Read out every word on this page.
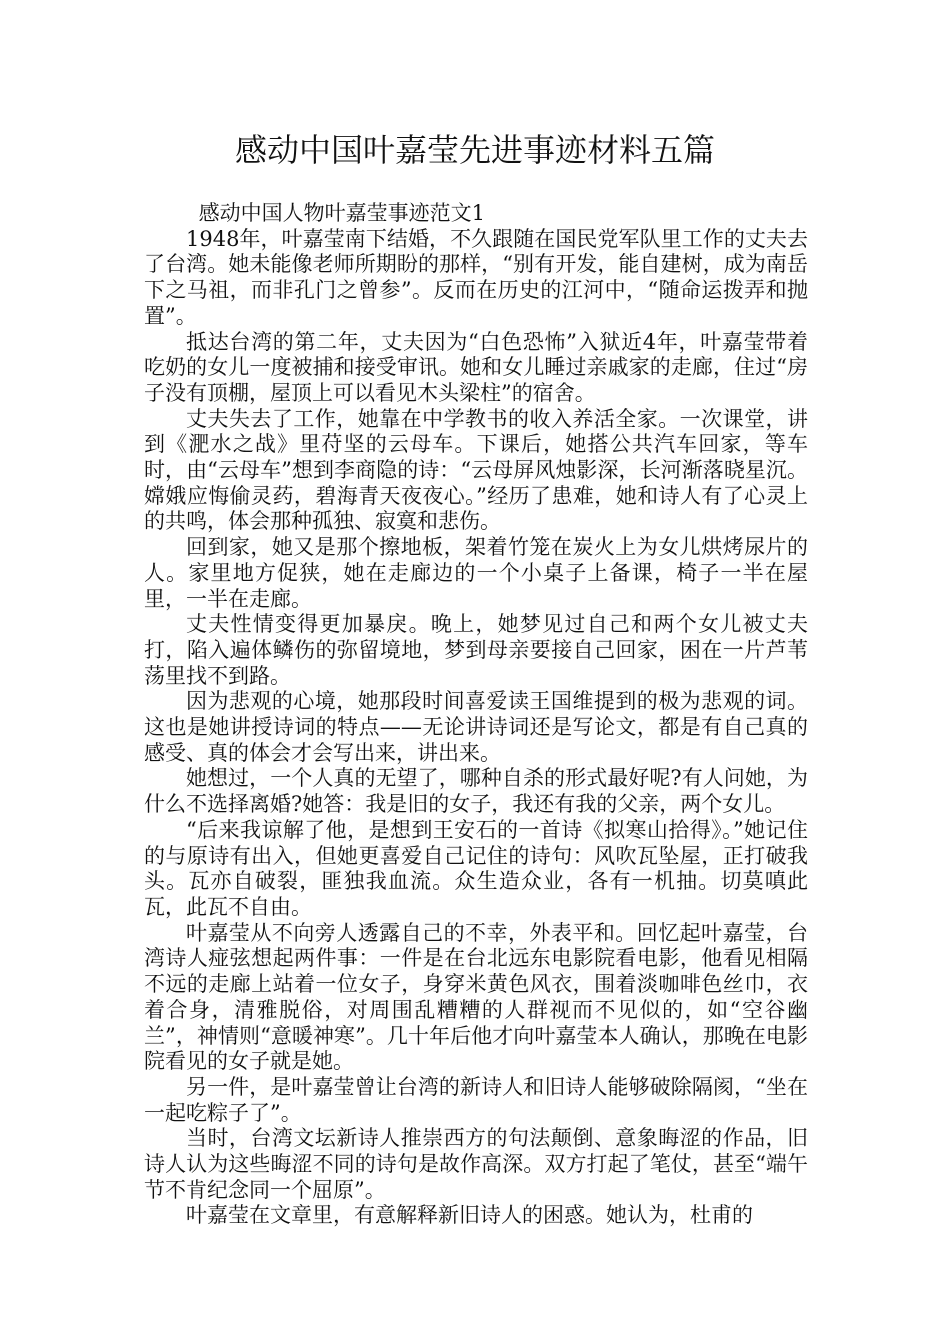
感动中国叶嘉莹先进事迹材料五篇

感动中国人物叶嘉莹事迹范文1

1948年，叶嘉莹南下结婚，不久跟随在国民党军队里工作的丈夫去了台湾。她未能像老师所期盼的那样，“别有开发，能自建树，成为南岳下之马祖，而非孔门之曾参”。反而在历史的江河中，“随命运拨弄和抛置”。

抵达台湾的第二年，丈夫因为“白色恐怖”入狱近4年，叶嘉莹带着吃奶的女儿一度被捕和接受审讯。她和女儿睡过亲戚家的走廊，住过“房子没有顶棚，屋顶上可以看见木头梁柱”的宿舍。

丈夫失去了工作，她靠在中学教书的收入养活全家。一次课堂，讲到《淝水之战》里苻坚的云母车。下课后，她搭公共汽车回家，等车时，由“云母车”想到李商隐的诗：“云母屏风烛影深，长河渐落晓星沉。嫦娥应悔偷灵药，碧海青天夜夜心。”经历了患难，她和诗人有了心灵上的共鸣，体会那种孤独、寂寞和悲伤。

回到家，她又是那个擦地板，架着竹笼在炭火上为女儿烘烤尿片的人。家里地方促狭，她在走廊边的一个小桌子上备课，椅子一半在屋里，一半在走廊。

丈夫性情变得更加暴戾。晚上，她梦见过自己和两个女儿被丈夫打，陷入遍体鳞伤的弥留境地，梦到母亲要接自己回家，困在一片芦苇荡里找不到路。

因为悲观的心境，她那段时间喜爱读王国维提到的极为悲观的词。这也是她讲授诗词的特点——无论讲诗词还是写论文，都是有自己真的感受、真的体会才会写出来，讲出来。

她想过，一个人真的无望了，哪种自杀的形式最好呢?有人问她，为什么不选择离婚?她答：我是旧的女子，我还有我的父亲，两个女儿。

“后来我谅解了他，是想到王安石的一首诗《拟寒山拾得》。”她记住的与原诗有出入，但她更喜爱自己记住的诗句：风吹瓦坠屋，正打破我头。瓦亦自破裂，匪独我血流。众生造众业，各有一机抽。切莫嗔此瓦，此瓦不自由。

叶嘉莹从不向旁人透露自己的不幸，外表平和。回忆起叶嘉莹，台湾诗人痖弦想起两件事：一件是在台北远东电影院看电影，他看见相隔不远的走廊上站着一位女子，身穿米黄色风衣，围着淡咖啡色丝巾，衣着合身，清雅脱俗，对周围乱糟糟的人群视而不见似的，如“空谷幽兰”，神情则“意暖神寒”。几十年后他才向叶嘉莹本人确认，那晚在电影院看见的女子就是她。

另一件，是叶嘉莹曾让台湾的新诗人和旧诗人能够破除隔阂，“坐在一起吃粽子了”。

当时，台湾文坛新诗人推崇西方的句法颠倒、意象晦涩的作品，旧诗人认为这些晦涩不同的诗句是故作高深。双方打起了笔仗，甚至“端午节不肯纪念同一个屈原”。

叶嘉莹在文章里，有意解释新旧诗人的困惑。她认为，杜甫的
